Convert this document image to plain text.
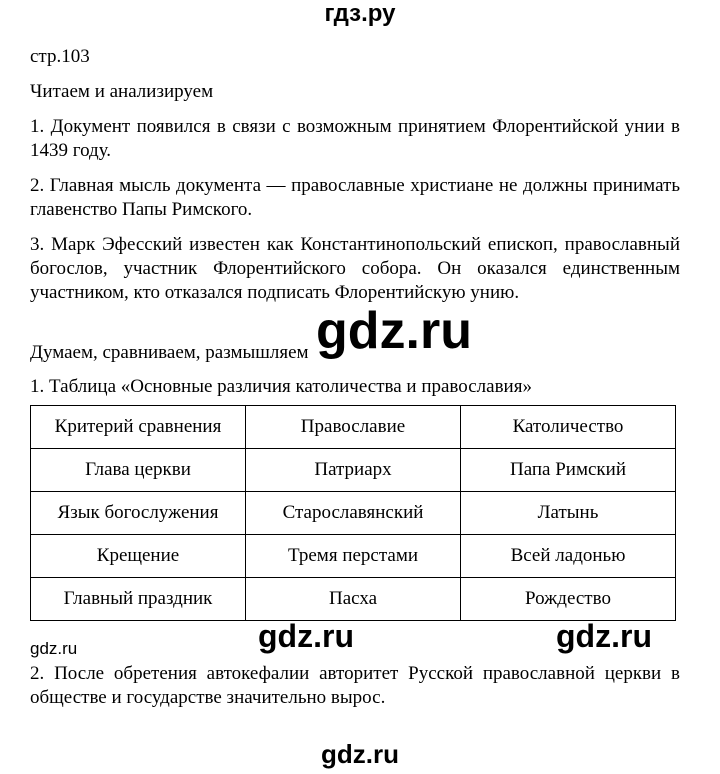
гдз.ру
стр.103
Читаем и анализируем
1. Документ появился в связи с возможным принятием Флорентийской унии в 1439 году.
2. Главная мысль документа — православные христиане не должны принимать главенство Папы Римского.
3. Марк Эфесский известен как Константинопольский епископ, православный богослов, участник Флорентийского собора. Он оказался единственным участником, кто отказался подписать Флорентийскую унию.
gdz.ru
Думаем, сравниваем, размышляем
1. Таблица «Основные различия католичества и православия»
Критерий сравнения	Православие	Католичество
Глава церкви	Патриарх	Папа Римский
Язык богослужения	Старославянский	Латынь
Крещение	Тремя перстами	Всей ладонью
Главный праздник	Пасха	Рождество
gdz.ru	gdz.ru
gdz.ru
2. После обретения автокефалии авторитет Русской православной церкви в обществе и государстве значительно вырос.
gdz.ru
